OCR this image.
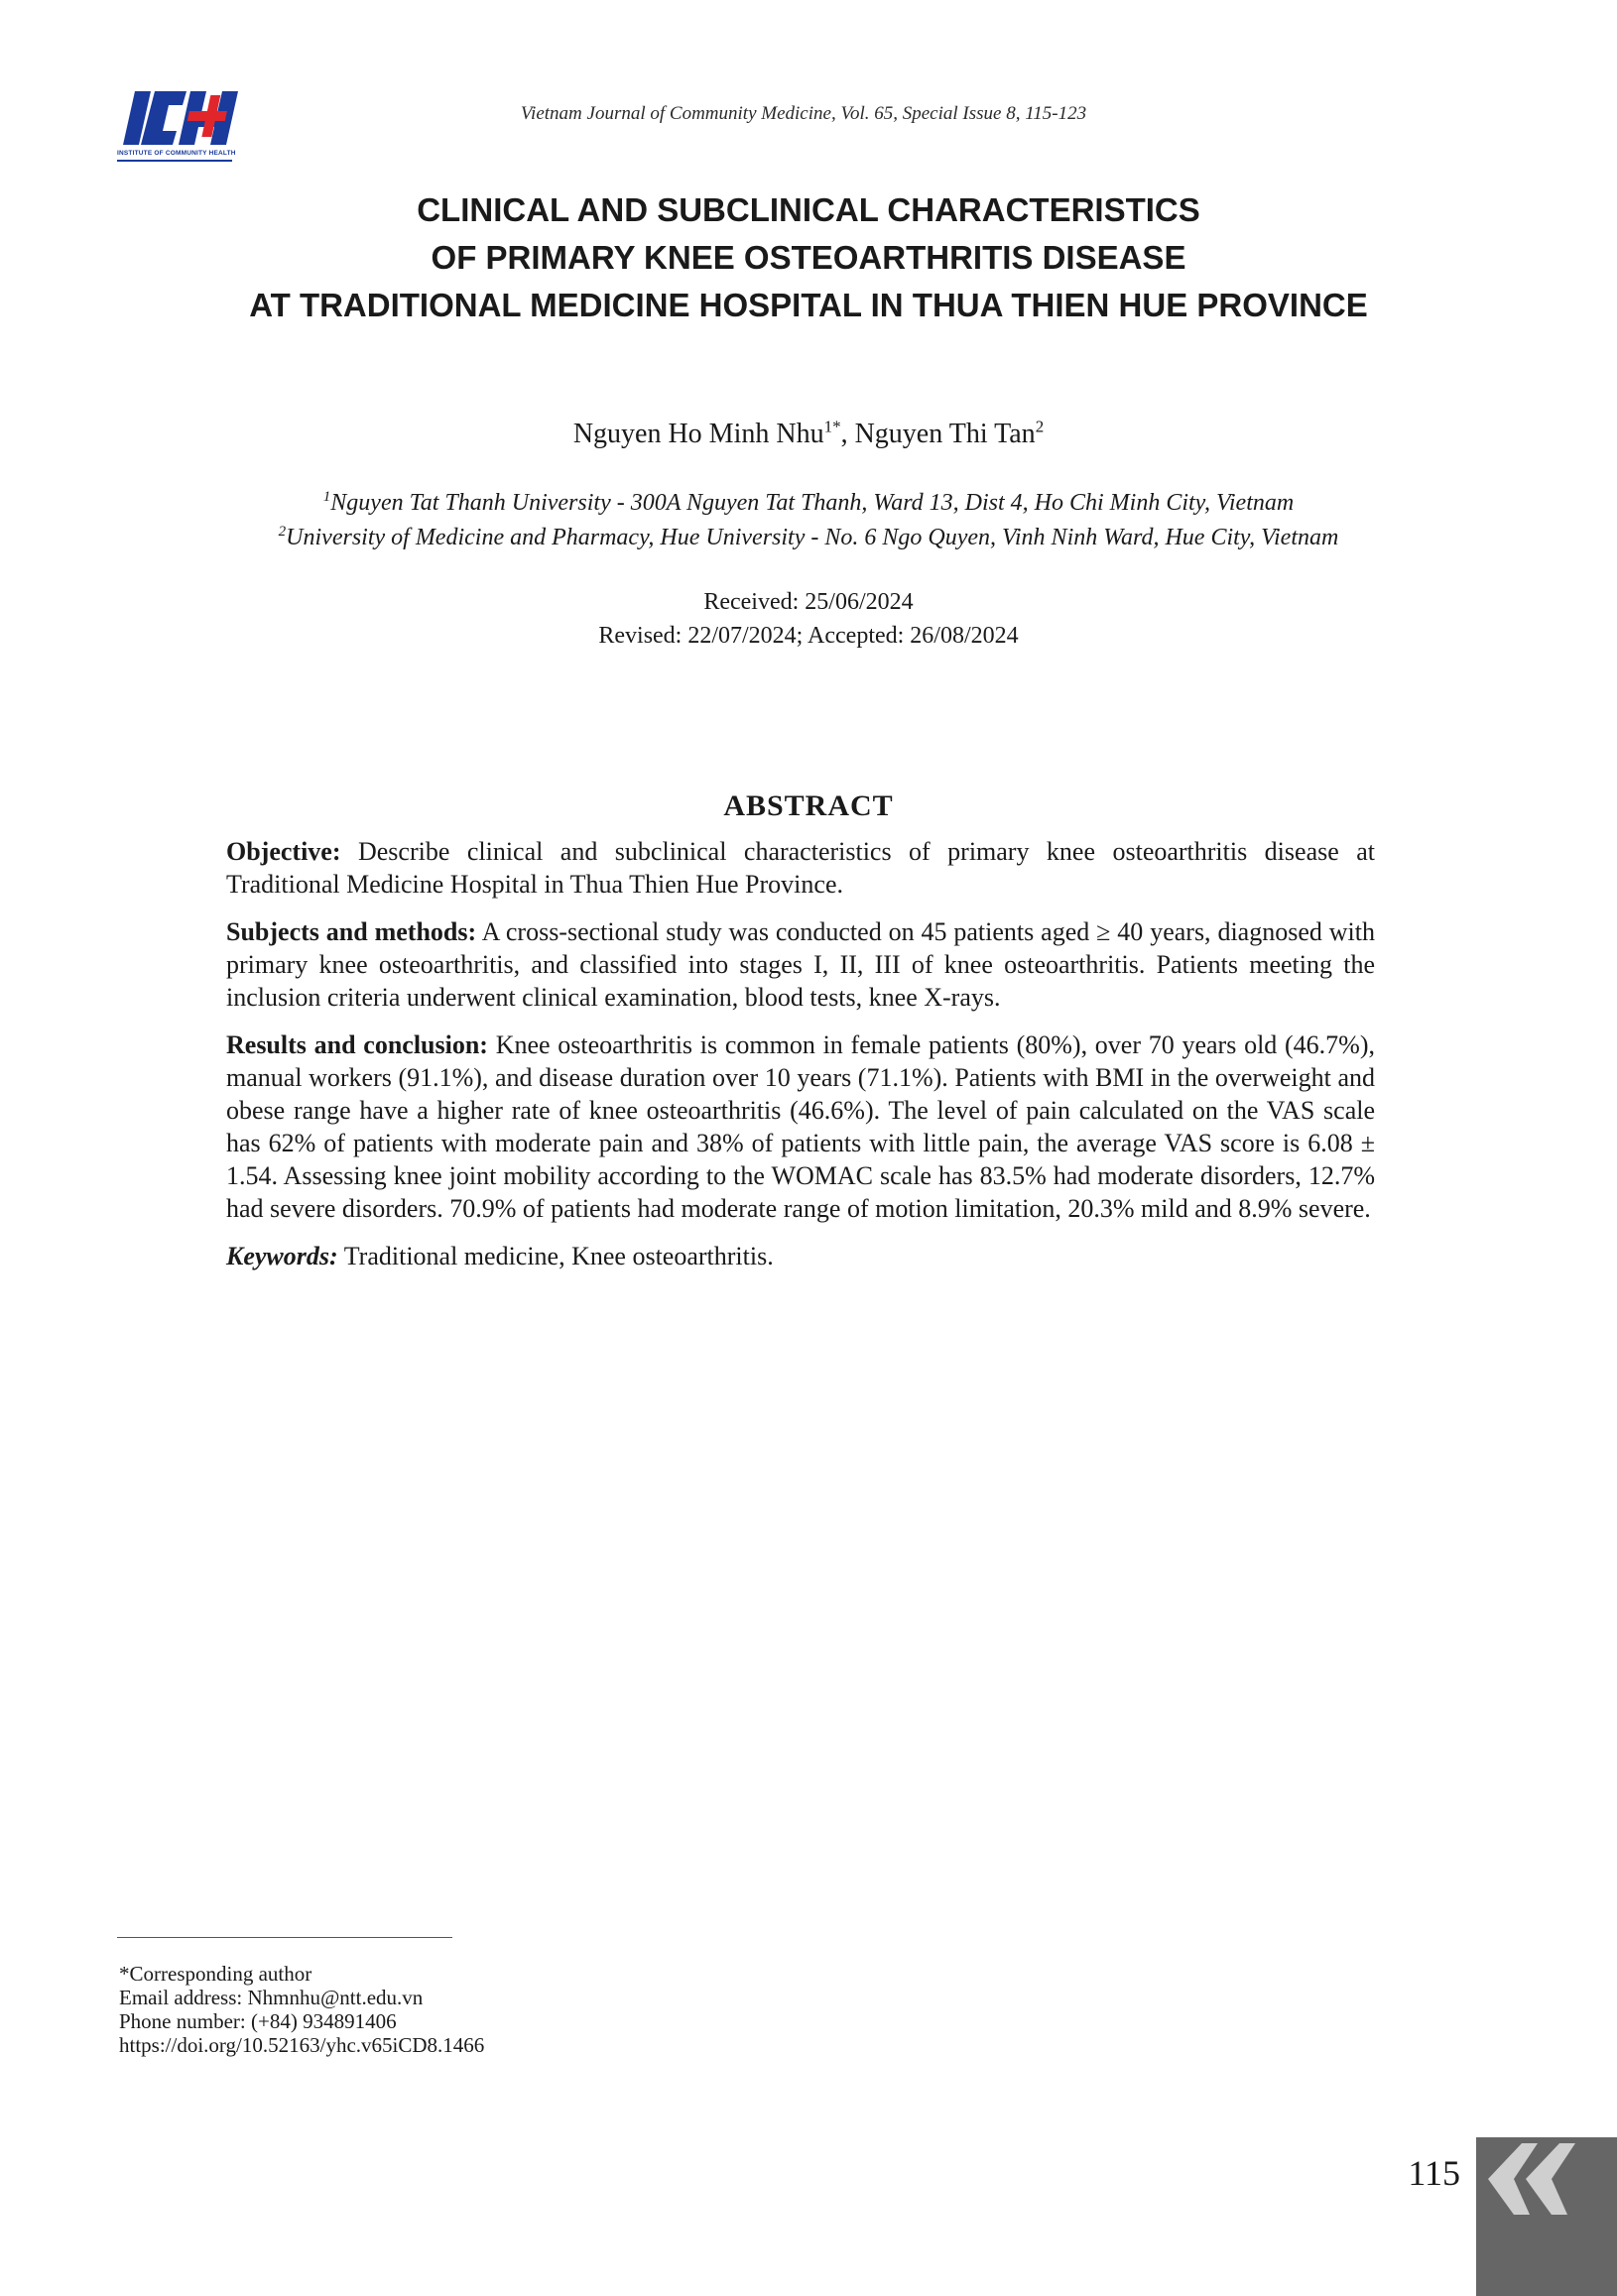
INSTITUTE OF COMMUNITY HEALTH
Vietnam Journal of Community Medicine, Vol. 65, Special Issue 8, 115-123
CLINICAL AND SUBCLINICAL CHARACTERISTICS
OF PRIMARY KNEE OSTEOARTHRITIS DISEASE
AT TRADITIONAL MEDICINE HOSPITAL IN THUA THIEN HUE PROVINCE
Nguyen Ho Minh Nhu$^{1*}$, Nguyen Thi Tan$^2$
$^1$Nguyen Tat Thanh University - 300A Nguyen Tat Thanh, Ward 13, Dist 4, Ho Chi Minh City, Vietnam
$^2$University of Medicine and Pharmacy, Hue University - No. 6 Ngo Quyen, Vinh Ninh Ward, Hue City, Vietnam
Received: 25/06/2024
Revised: 22/07/2024; Accepted: 26/08/2024
ABSTRACT

Objective: Describe clinical and subclinical characteristics of primary knee osteoarthritis disease at Traditional Medicine Hospital in Thua Thien Hue Province.

Subjects and methods: A cross-sectional study was conducted on 45 patients aged ≥ 40 years, diagnosed with primary knee osteoarthritis, and classified into stages I, II, III of knee osteoarthritis. Patients meeting the inclusion criteria underwent clinical examination, blood tests, knee X-rays.

Results and conclusion: Knee osteoarthritis is common in female patients (80%), over 70 years old (46.7%), manual workers (91.1%), and disease duration over 10 years (71.1%). Patients with BMI in the overweight and obese range have a higher rate of knee osteoarthritis (46.6%). The level of pain calculated on the VAS scale has 62% of patients with moderate pain and 38% of patients with little pain, the average VAS score is 6.08 ± 1.54. Assessing knee joint mobility according to the WOMAC scale has 83.5% had moderate disorders, 12.7% had severe disorders. 70.9% of patients had moderate range of motion limitation, 20.3% mild and 8.9% severe.

Keywords: Traditional medicine, Knee osteoarthritis.

*Corresponding author
Email address: Nhmnhu@ntt.edu.vn
Phone number: (+84) 934891406
https://doi.org/10.52163/yhc.v65iCD8.1466
115
